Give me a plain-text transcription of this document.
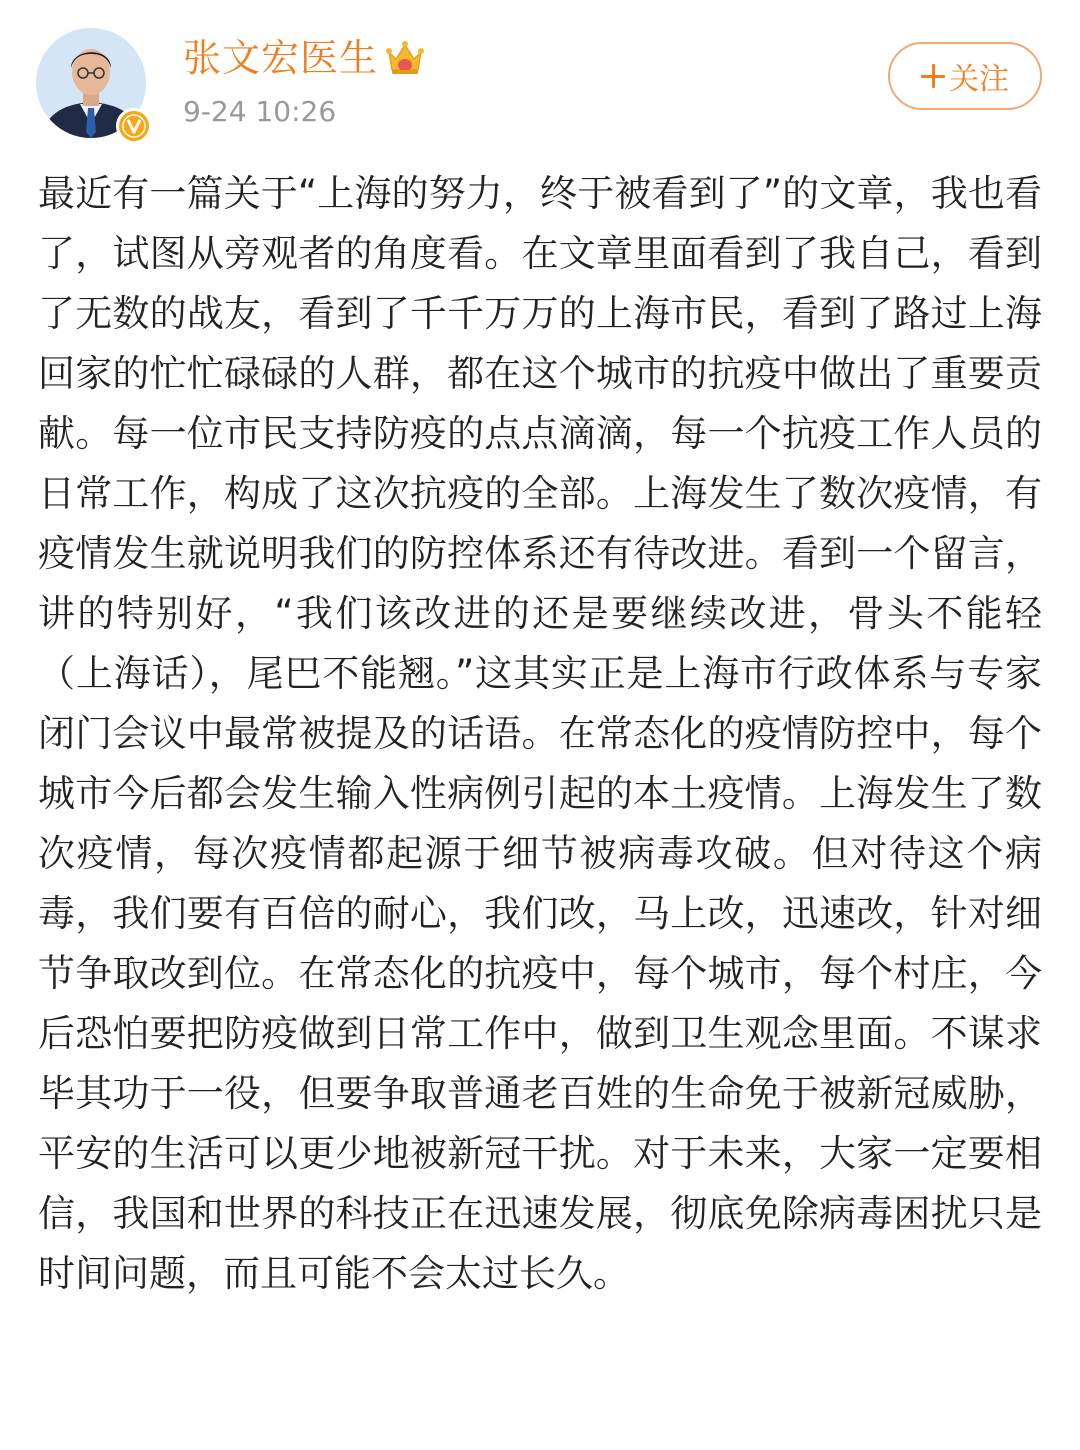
张文宏医生
9-24 10:26
关注

最近有一篇关于“上海的努力，终于被看到了”的文章，我也看了，试图从旁观者的角度看。在文章里面看到了我自己，看到了无数的战友，看到了千千万万的上海市民，看到了路过上海回家的忙忙碌碌的人群，都在这个城市的抗疫中做出了重要贡献。每一位市民支持防疫的点点滴滴，每一个抗疫工作人员的日常工作，构成了这次抗疫的全部。上海发生了数次疫情，有疫情发生就说明我们的防控体系还有待改进。看到一个留言，讲的特别好，“我们该改进的还是要继续改进，骨头不能轻（上海话），尾巴不能翘。”这其实正是上海市行政体系与专家闭门会议中最常被提及的话语。在常态化的疫情防控中，每个城市今后都会发生输入性病例引起的本土疫情。上海发生了数次疫情，每次疫情都起源于细节被病毒攻破。但对待这个病毒，我们要有百倍的耐心，我们改，马上改，迅速改，针对细节争取改到位。在常态化的抗疫中，每个城市，每个村庄，今后恐怕要把防疫做到日常工作中，做到卫生观念里面。不谋求毕其功于一役，但要争取普通老百姓的生命免于被新冠威胁，平安的生活可以更少地被新冠干扰。对于未来，大家一定要相信，我国和世界的科技正在迅速发展，彻底免除病毒困扰只是时间问题，而且可能不会太过长久。
